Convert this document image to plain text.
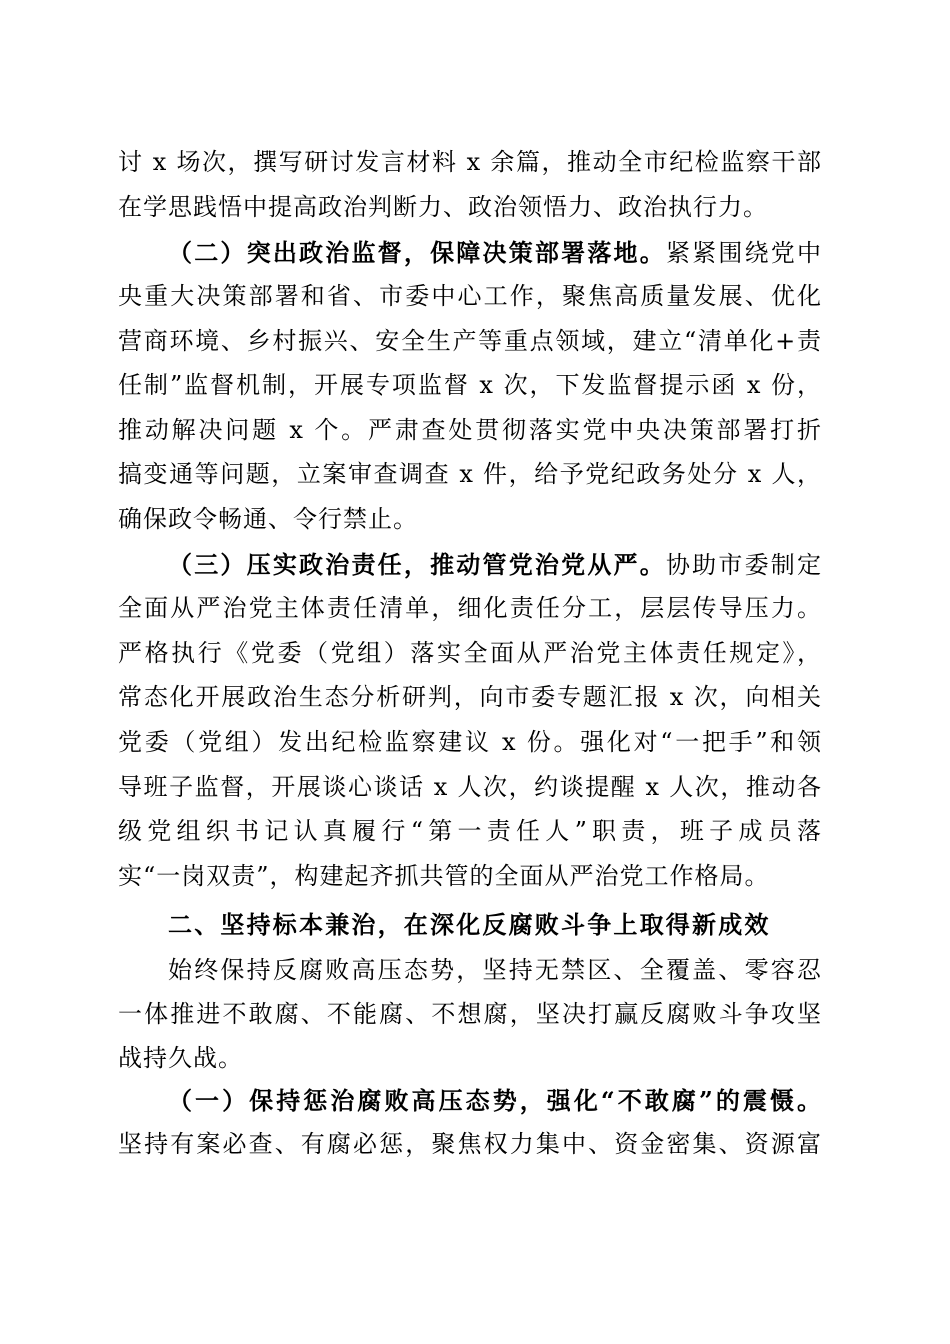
讨 x 场次，撰写研讨发言材料 x 余篇，推动全市纪检监察干部
在学思践悟中提高政治判断力、政治领悟力、政治执行力。
（二）突出政治监督，保障决策部署落地。紧紧围绕党中
央重大决策部署和省、市委中心工作，聚焦高质量发展、优化
营商环境、乡村振兴、安全生产等重点领域，建立“清单化+责
任制”监督机制，开展专项监督 x 次，下发监督提示函 x 份，
推动解决问题 x 个。严肃查处贯彻落实党中央决策部署打折
搞变通等问题，立案审查调查 x 件，给予党纪政务处分 x 人，
确保政令畅通、令行禁止。
（三）压实政治责任，推动管党治党从严。协助市委制定
全面从严治党主体责任清单，细化责任分工，层层传导压力。
严格执行《党委（党组）落实全面从严治党主体责任规定》，
常态化开展政治生态分析研判，向市委专题汇报 x 次，向相关
党委（党组）发出纪检监察建议 x 份。强化对“一把手”和领
导班子监督，开展谈心谈话 x 人次，约谈提醒 x 人次，推动各
级党组织书记认真履行“第一责任人”职责，班子成员落
实“一岗双责”，构建起齐抓共管的全面从严治党工作格局。
二、坚持标本兼治，在深化反腐败斗争上取得新成效
始终保持反腐败高压态势，坚持无禁区、全覆盖、零容忍
一体推进不敢腐、不能腐、不想腐，坚决打赢反腐败斗争攻坚
战持久战。
（一）保持惩治腐败高压态势，强化“不敢腐”的震慑。
坚持有案必查、有腐必惩，聚焦权力集中、资金密集、资源富
